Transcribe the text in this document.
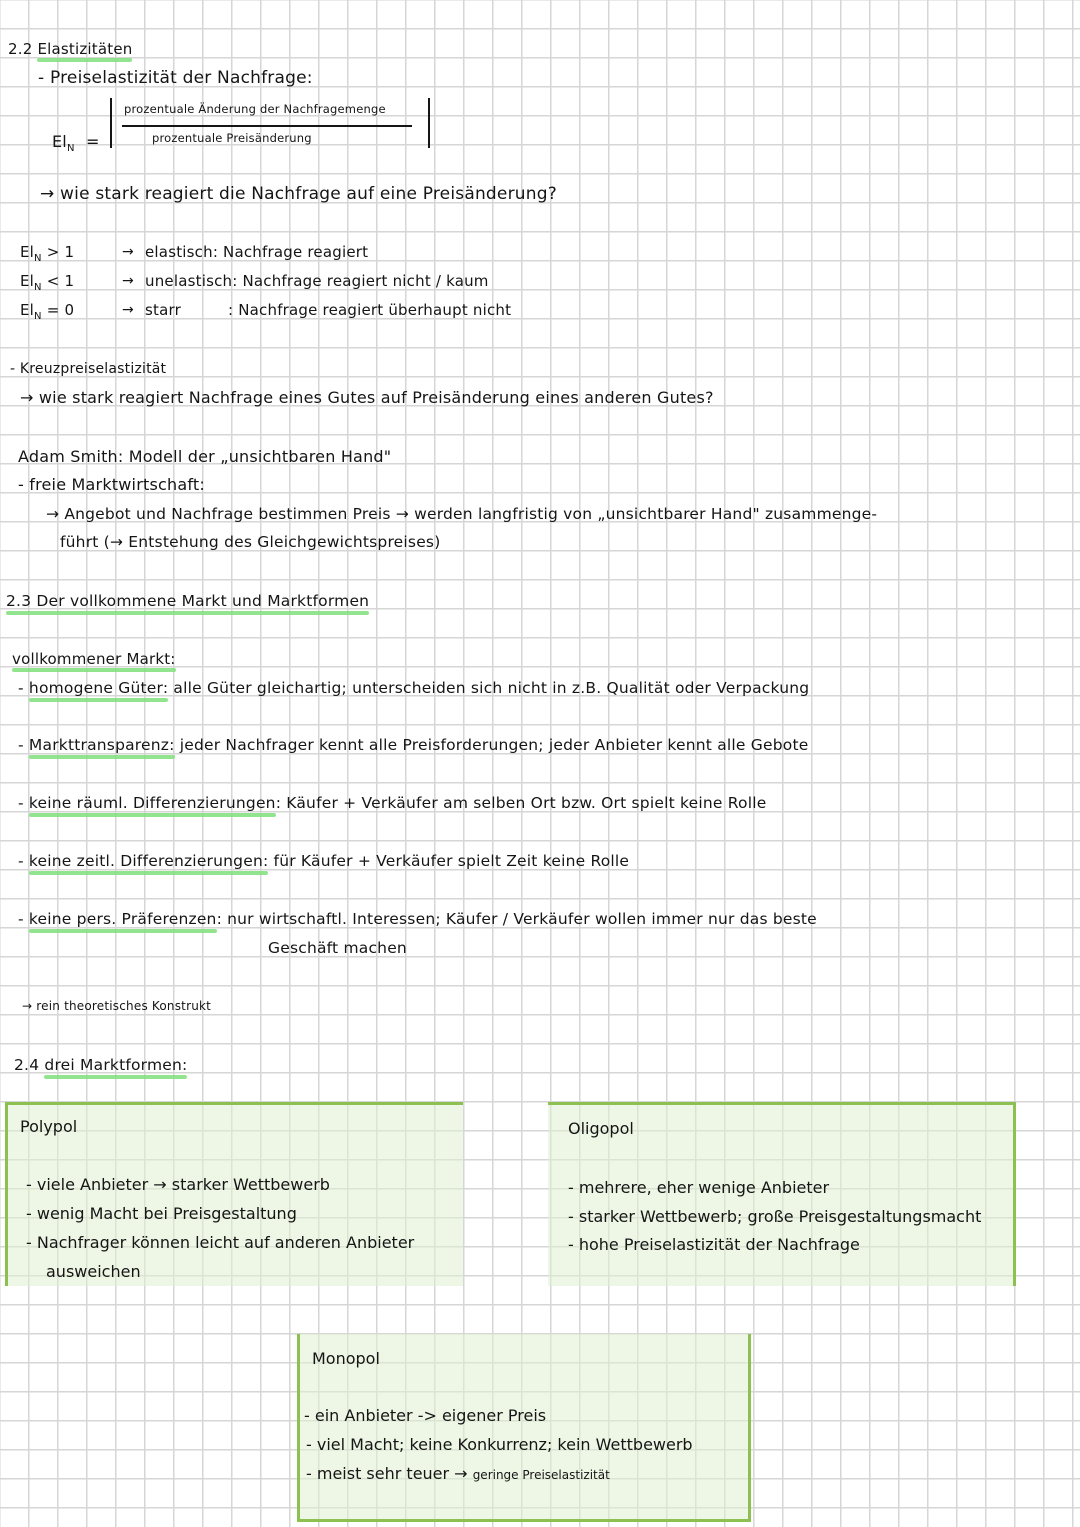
2.2 Elastizitäten
- Preiselastizität der Nachfrage:
$El_N$ =
prozentuale Änderung der Nachfragemenge
prozentuale Preisänderung
→ wie stark reagiert die Nachfrage auf eine Preisänderung?
$El_N > 1$	→ elastisch: Nachfrage reagiert
$El_N < 1$	→ unelastisch: Nachfrage reagiert nicht / kaum
$El_N = 0$	→ starr	: Nachfrage reagiert überhaupt nicht
- Kreuzpreiselastizität
→ wie stark reagiert Nachfrage eines Gutes auf Preisänderung eines anderen Gutes?
Adam Smith: Modell der „unsichtbaren Hand"
- freie Marktwirtschaft:
→ Angebot und Nachfrage bestimmen Preis → werden langfristig von „unsichtbarer Hand" zusammenge-
führt (→ Entstehung des Gleichgewichtspreises)
2.3 Der vollkommene Markt und Marktformen
vollkommener Markt:
- homogene Güter: alle Güter gleichartig; unterscheiden sich nicht in z.B. Qualität oder Verpackung
- Markttransparenz: jeder Nachfrager kennt alle Preisforderungen; jeder Anbieter kennt alle Gebote
- keine räuml. Differenzierungen: Käufer + Verkäufer am selben Ort bzw. Ort spielt keine Rolle
- keine zeitl. Differenzierungen: für Käufer + Verkäufer spielt Zeit keine Rolle
- keine pers. Präferenzen: nur wirtschaftl. Interessen; Käufer / Verkäufer wollen immer nur das beste
Geschäft machen
→ rein theoretisches Konstrukt
2.4 drei Marktformen:
Polypol
- viele Anbieter → starker Wettbewerb
- wenig Macht bei Preisgestaltung
- Nachfrager können leicht auf anderen Anbieter
ausweichen
Oligopol
- mehrere, eher wenige Anbieter
- starker Wettbewerb; große Preisgestaltungsmacht
- hohe Preiselastizität der Nachfrage
Monopol
- ein Anbieter -> eigener Preis
- viel Macht; keine Konkurrenz; kein Wettbewerb
- meist sehr teuer → geringe Preiselastizität
